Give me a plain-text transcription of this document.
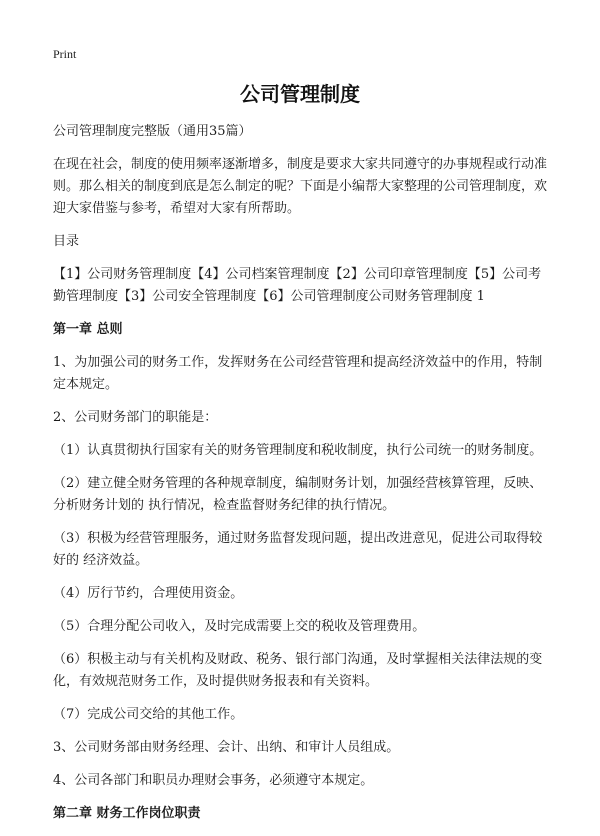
Print
公司管理制度

公司管理制度完整版（通用35篇）

在现在社会，制度的使用频率逐渐增多，制度是要求大家共同遵守的办事规程或行动准则。那么相关的制度到底是怎么制定的呢？下面是小编帮大家整理的公司管理制度，欢迎大家借鉴与参考，希望对大家有所帮助。

目录

【1】公司财务管理制度【4】公司档案管理制度【2】公司印章管理制度【5】公司考勤管理制度【3】公司安全管理制度【6】公司管理制度公司财务管理制度 1

第一章 总则

1、为加强公司的财务工作，发挥财务在公司经营管理和提高经济效益中的作用，特制定本规定。

2、公司财务部门的职能是：

（1）认真贯彻执行国家有关的财务管理制度和税收制度，执行公司统一的财务制度。

（2）建立健全财务管理的各种规章制度，编制财务计划，加强经营核算管理，反映、分析财务计划的 执行情况，检查监督财务纪律的执行情况。

（3）积极为经营管理服务，通过财务监督发现问题，提出改进意见，促进公司取得较好的 经济效益。

（4）厉行节约，合理使用资金。

（5）合理分配公司收入，及时完成需要上交的税收及管理费用。

（6）积极主动与有关机构及财政、税务、银行部门沟通，及时掌握相关法律法规的变化，有效规范财务工作，及时提供财务报表和有关资料。

（7）完成公司交给的其他工作。

3、公司财务部由财务经理、会计、出纳、和审计人员组成。

4、公司各部门和职员办理财会事务，必须遵守本规定。

第二章 财务工作岗位职责
